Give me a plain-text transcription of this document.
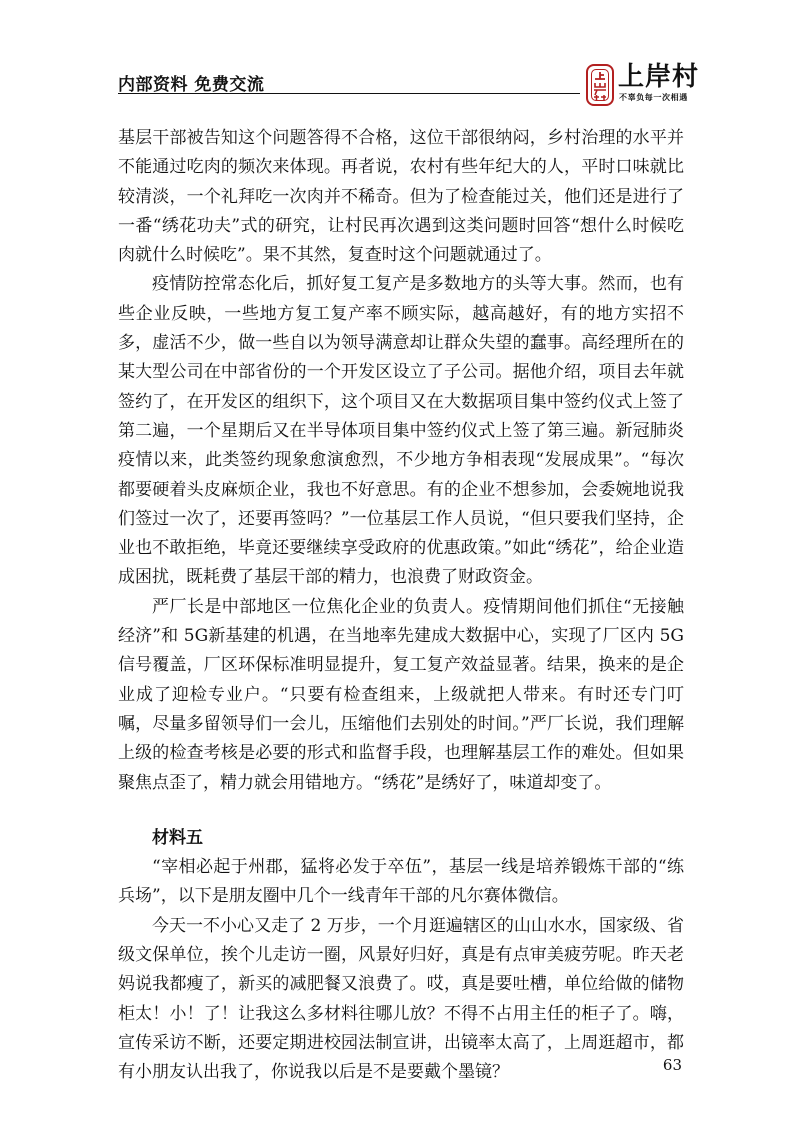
内部资料 免费交流	上岸村
不辜负每一次相遇

基层干部被告知这个问题答得不合格，这位干部很纳闷，乡村治理的水平并不能通过吃肉的频次来体现。再者说，农村有些年纪大的人，平时口味就比较清淡，一个礼拜吃一次肉并不稀奇。但为了检查能过关，他们还是进行了一番“绣花功夫”式的研究，让村民再次遇到这类问题时回答“想什么时候吃肉就什么时候吃”。果不其然，复查时这个问题就通过了。

疫情防控常态化后，抓好复工复产是多数地方的头等大事。然而，也有些企业反映，一些地方复工复产率不顾实际，越高越好，有的地方实招不多，虚活不少，做一些自以为领导满意却让群众失望的蠢事。高经理所在的某大型公司在中部省份的一个开发区设立了子公司。据他介绍，项目去年就签约了，在开发区的组织下，这个项目又在大数据项目集中签约仪式上签了第二遍，一个星期后又在半导体项目集中签约仪式上签了第三遍。新冠肺炎疫情以来，此类签约现象愈演愈烈，不少地方争相表现“发展成果”。“每次都要硬着头皮麻烦企业，我也不好意思。有的企业不想参加，会委婉地说我们签过一次了，还要再签吗？”一位基层工作人员说，“但只要我们坚持，企业也不敢拒绝，毕竟还要继续享受政府的优惠政策。”如此“绣花”，给企业造成困扰，既耗费了基层干部的精力，也浪费了财政资金。

严厂长是中部地区一位焦化企业的负责人。疫情期间他们抓住“无接触经济”和 5G新基建的机遇，在当地率先建成大数据中心，实现了厂区内 5G信号覆盖，厂区环保标准明显提升，复工复产效益显著。结果，换来的是企业成了迎检专业户。“只要有检查组来，上级就把人带来。有时还专门叮嘱，尽量多留领导们一会儿，压缩他们去别处的时间。”严厂长说，我们理解上级的检查考核是必要的形式和监督手段，也理解基层工作的难处。但如果聚焦点歪了，精力就会用错地方。“绣花”是绣好了，味道却变了。

材料五

“宰相必起于州郡，猛将必发于卒伍”，基层一线是培养锻炼干部的“练兵场”，以下是朋友圈中几个一线青年干部的凡尔赛体微信。

今天一不小心又走了 2 万步，一个月逛遍辖区的山山水水，国家级、省级文保单位，挨个儿走访一圈，风景好归好，真是有点审美疲劳呢。昨天老妈说我都瘦了，新买的减肥餐又浪费了。哎，真是要吐槽，单位给做的储物柜太！小！了！让我这么多材料往哪儿放？不得不占用主任的柜子了。嗨，宣传采访不断，还要定期进校园法制宣讲，出镜率太高了，上周逛超市，都有小朋友认出我了，你说我以后是不是要戴个墨镜？	63
